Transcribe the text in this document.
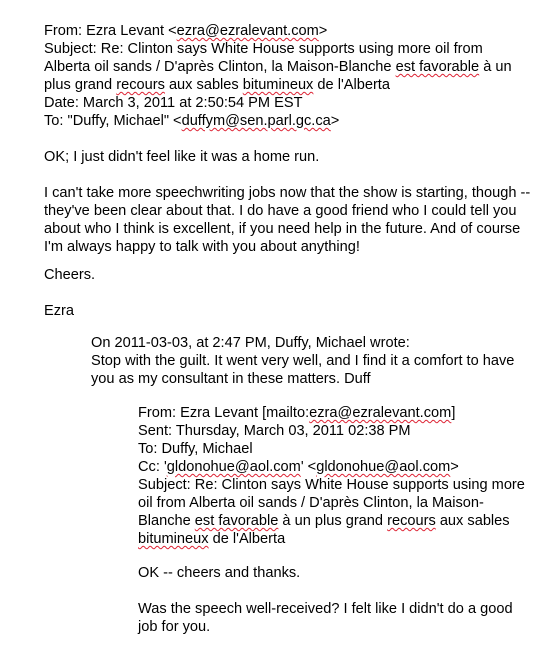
From: Ezra Levant <ezra@ezralevant.com>
Subject: Re: Clinton says White House supports using more oil from
Alberta oil sands / D'après Clinton, la Maison-Blanche est favorable à un
plus grand recours aux sables bitumineux de l'Alberta
Date: March 3, 2011 at 2:50:54 PM EST
To: "Duffy, Michael" <duffym@sen.parl.gc.ca>
OK; I just didn't feel like it was a home run.
I can't take more speechwriting jobs now that the show is starting, though --
they've been clear about that. I do have a good friend who I could tell you
about who I think is excellent, if you need help in the future. And of course
I'm always happy to talk with you about anything!
Cheers.
Ezra
On 2011-03-03, at 2:47 PM, Duffy, Michael wrote:
Stop with the guilt. It went very well, and I find it a comfort to have
you as my consultant in these matters. Duff
From: Ezra Levant [mailto:ezra@ezralevant.com]
Sent: Thursday, March 03, 2011 02:38 PM
To: Duffy, Michael
Cc: 'gldonohue@aol.com' <gldonohue@aol.com>
Subject: Re: Clinton says White House supports using more
oil from Alberta oil sands / D'après Clinton, la Maison-
Blanche est favorable à un plus grand recours aux sables
bitumineux de l'Alberta
OK -- cheers and thanks.
Was the speech well-received? I felt like I didn't do a good
job for you.
